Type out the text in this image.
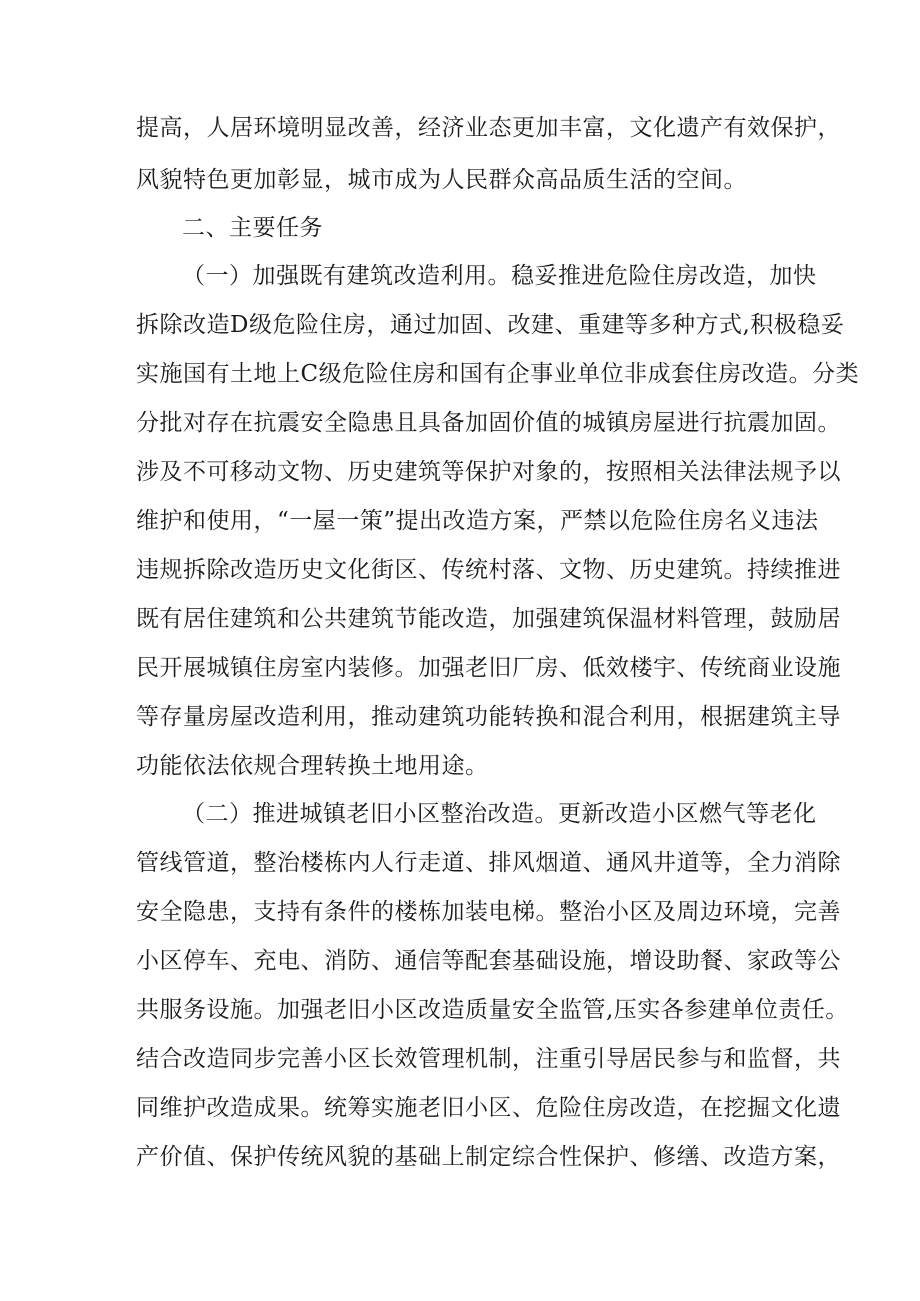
提高，人居环境明显改善，经济业态更加丰富，文化遗产有效保护，
风貌特色更加彰显，城市成为人民群众高品质生活的空间。
二、主要任务
（一）加强既有建筑改造利用。稳妥推进危险住房改造，加快
拆除改造D级危险住房，通过加固、改建、重建等多种方式,积极稳妥
实施国有土地上C级危险住房和国有企事业单位非成套住房改造。分类
分批对存在抗震安全隐患且具备加固价值的城镇房屋进行抗震加固。
涉及不可移动文物、历史建筑等保护对象的，按照相关法律法规予以
维护和使用，“一屋一策”提出改造方案，严禁以危险住房名义违法
违规拆除改造历史文化街区、传统村落、文物、历史建筑。持续推进
既有居住建筑和公共建筑节能改造，加强建筑保温材料管理，鼓励居
民开展城镇住房室内装修。加强老旧厂房、低效楼宇、传统商业设施
等存量房屋改造利用，推动建筑功能转换和混合利用，根据建筑主导
功能依法依规合理转换土地用途。
（二）推进城镇老旧小区整治改造。更新改造小区燃气等老化
管线管道，整治楼栋内人行走道、排风烟道、通风井道等，全力消除
安全隐患，支持有条件的楼栋加装电梯。整治小区及周边环境，完善
小区停车、充电、消防、通信等配套基础设施，增设助餐、家政等公
共服务设施。加强老旧小区改造质量安全监管,压实各参建单位责任。
结合改造同步完善小区长效管理机制，注重引导居民参与和监督，共
同维护改造成果。统筹实施老旧小区、危险住房改造，在挖掘文化遗
产价值、保护传统风貌的基础上制定综合性保护、修缮、改造方案，
